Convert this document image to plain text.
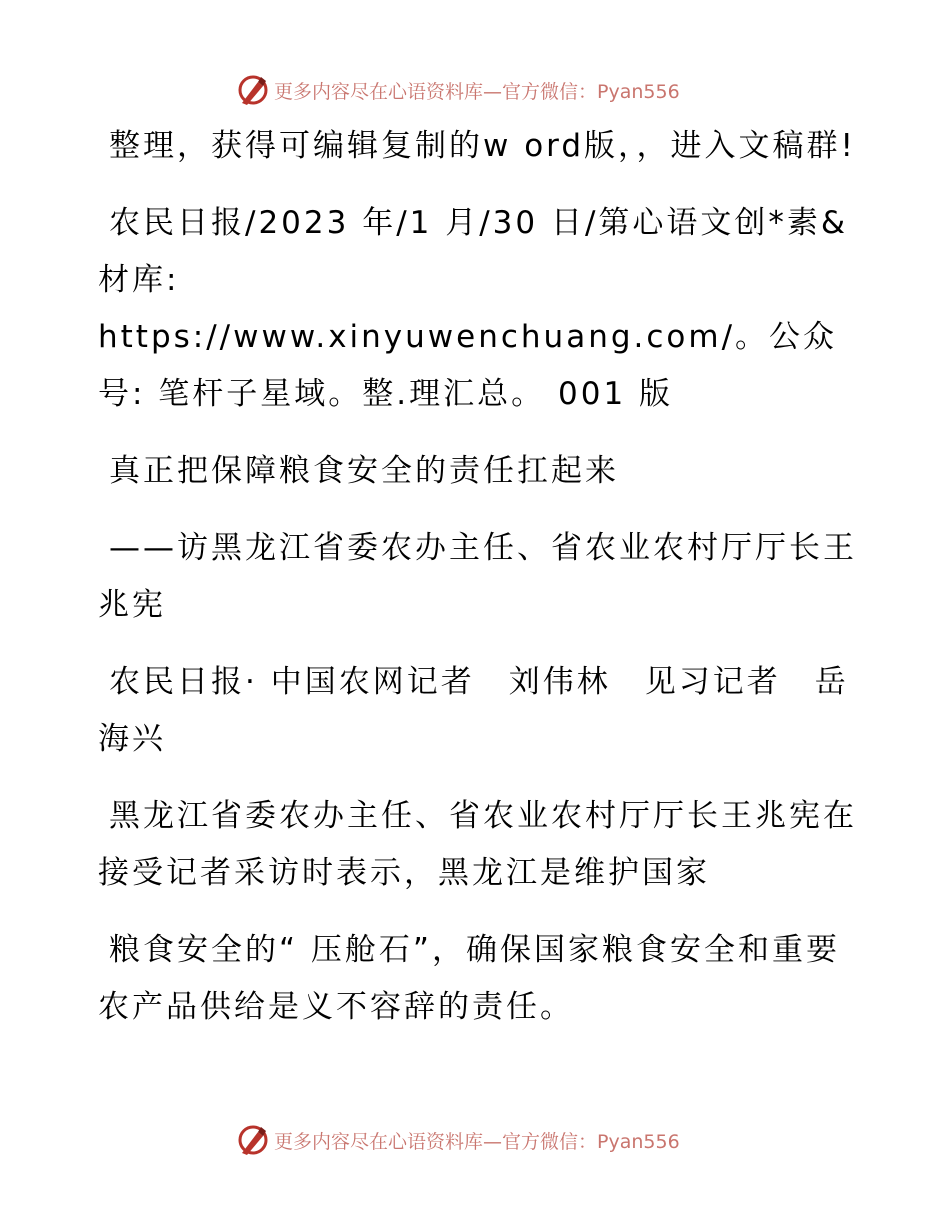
更多内容尽在心语资料库—官方微信：Pyan556

整理，获得可编辑复制的w ord版，，进入文稿群!

农民日报/2023 年/1 月/30 日/第心语文创*素&材库: https://www.xinyuwenchuang.com/。公众号: 笔杆子星域。整.理汇总。 001 版

真正把保障粮食安全的责任扛起来

——访黑龙江省委农办主任、省农业农村厅厅长王兆宪

农民日报· 中国农网记者　刘伟林　见习记者　岳海兴

黑龙江省委农办主任、省农业农村厅厅长王兆宪在接受记者采访时表示，黑龙江是维护国家

粮食安全的“ 压舱石”，确保国家粮食安全和重要农产品供给是义不容辞的责任。

更多内容尽在心语资料库—官方微信：Pyan556
